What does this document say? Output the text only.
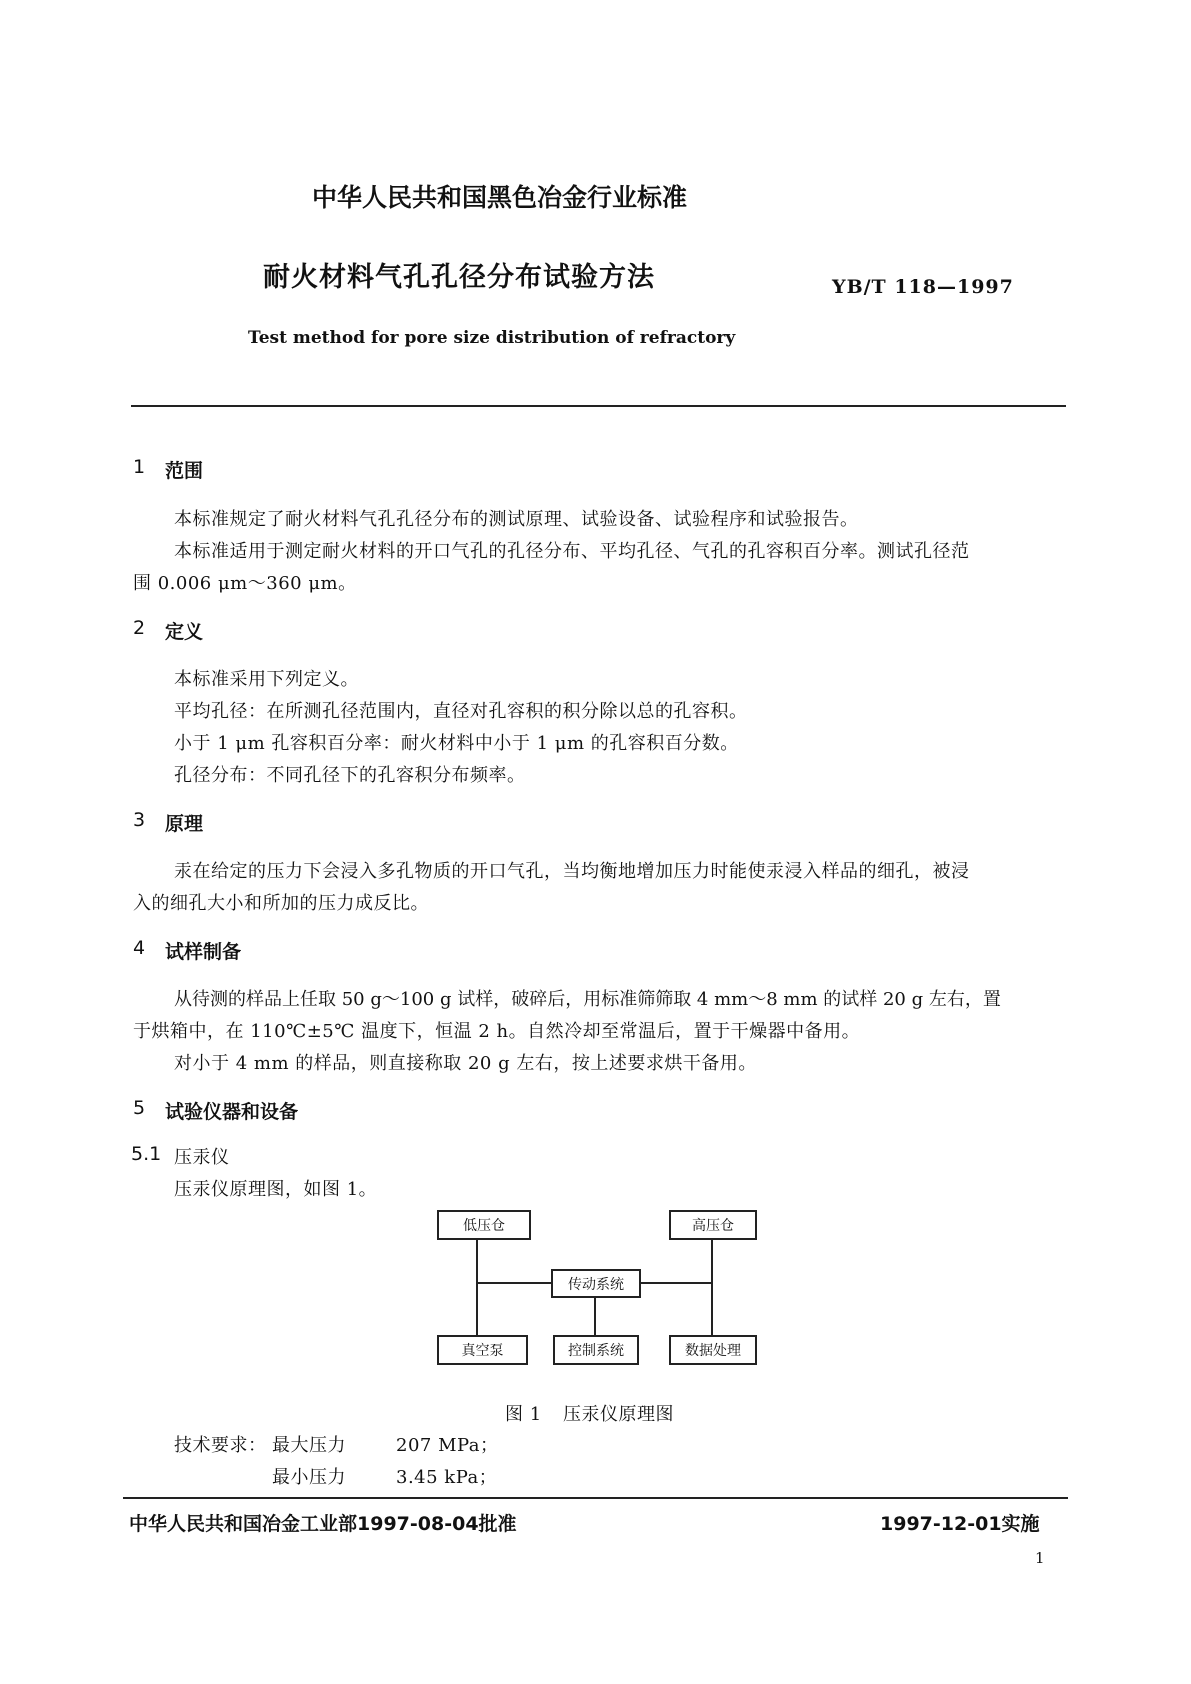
中华人民共和国黑色冶金行业标准
耐火材料气孔孔径分布试验方法	YB/T 118—1997
Test method for pore size distribution of refractory
1 范围
本标准规定了耐火材料气孔孔径分布的测试原理、试验设备、试验程序和试验报告。
本标准适用于测定耐火材料的开口气孔的孔径分布、平均孔径、气孔的孔容积百分率。测试孔径范
围 0.006 μm～360 μm。
2 定义
本标准采用下列定义。
平均孔径：在所测孔径范围内，直径对孔容积的积分除以总的孔容积。
小于 1 μm 孔容积百分率：耐火材料中小于 1 μm 的孔容积百分数。
孔径分布：不同孔径下的孔容积分布频率。
3 原理
汞在给定的压力下会浸入多孔物质的开口气孔，当均衡地增加压力时能使汞浸入样品的细孔，被浸
入的细孔大小和所加的压力成反比。
4 试样制备
从待测的样品上任取 50 g～100 g 试样，破碎后，用标准筛筛取 4 mm～8 mm 的试样 20 g 左右，置
于烘箱中，在 110℃±5℃ 温度下，恒温 2 h。自然冷却至常温后，置于干燥器中备用。
对小于 4 mm 的样品，则直接称取 20 g 左右，按上述要求烘干备用。
5 试验仪器和设备
5.1 压汞仪
压汞仪原理图，如图 1。
低压仓	高压仓
传动系统
真空泵	控制系统	数据处理
图 1 压汞仪原理图
技术要求： 最大压力	207 MPa；
最小压力	3.45 kPa；
中华人民共和国冶金工业部1997-08-04批准	1997-12-01实施
1
